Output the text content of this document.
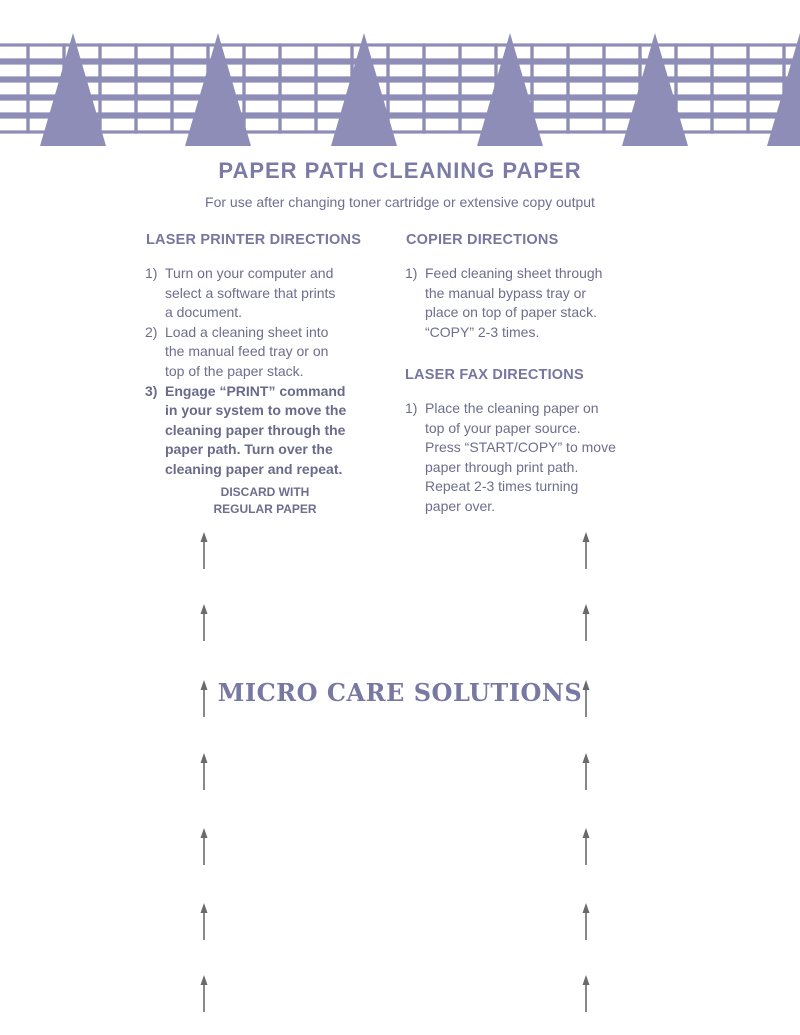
PAPER PATH CLEANING PAPER

For use after changing toner cartridge or extensive copy output

LASER PRINTER DIRECTIONS
1) Turn on your computer and
select a software that prints
a document.
2) Load a cleaning sheet into
the manual feed tray or on
top of the paper stack.
3) Engage “PRINT” command
in your system to move the
cleaning paper through the
paper path. Turn over the
cleaning paper and repeat.

DISCARD WITH
REGULAR PAPER

COPIER DIRECTIONS
1) Feed cleaning sheet through
the manual bypass tray or
place on top of paper stack.
“COPY” 2-3 times.
LASER FAX DIRECTIONS
1) Place the cleaning paper on
top of your paper source.
Press “START/COPY” to move
paper through print path.
Repeat 2-3 times turning
paper over.
MICRO CARE SOLUTIONS
